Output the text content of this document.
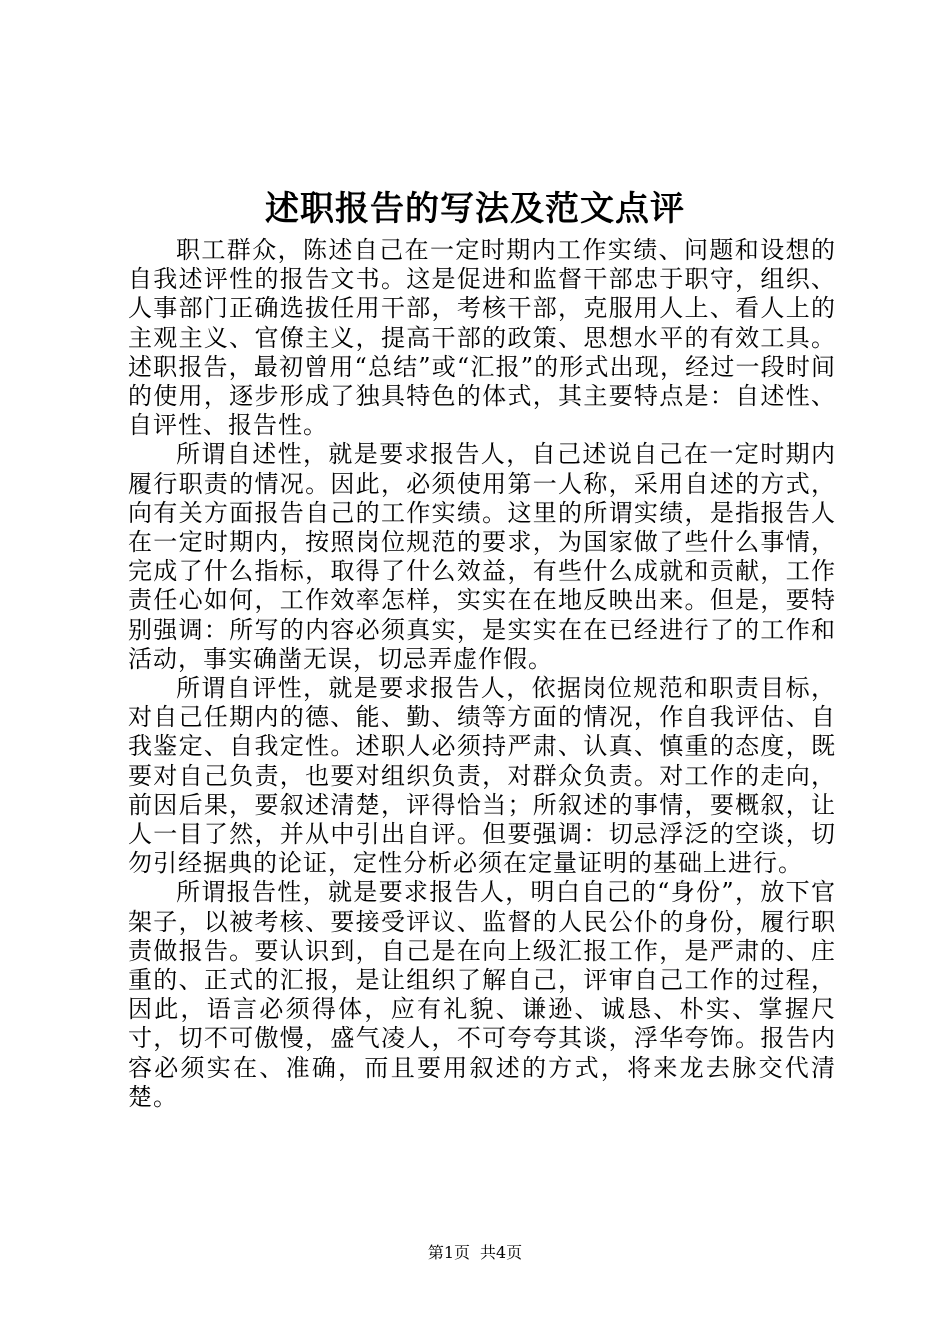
述职报告的写法及范文点评

职工群众，陈述自己在一定时期内工作实绩、问题和设想的自我述评性的报告文书。这是促进和监督干部忠于职守，组织、人事部门正确选拔任用干部，考核干部，克服用人上、看人上的主观主义、官僚主义，提高干部的政策、思想水平的有效工具。述职报告，最初曾用“总结”或“汇报”的形式出现，经过一段时间的使用，逐步形成了独具特色的体式，其主要特点是：自述性、自评性、报告性。

所谓自述性，就是要求报告人，自己述说自己在一定时期内履行职责的情况。因此，必须使用第一人称，采用自述的方式，向有关方面报告自己的工作实绩。这里的所谓实绩，是指报告人在一定时期内，按照岗位规范的要求，为国家做了些什么事情，完成了什么指标，取得了什么效益，有些什么成就和贡献，工作责任心如何，工作效率怎样，实实在在地反映出来。但是，要特别强调：所写的内容必须真实，是实实在在已经进行了的工作和活动，事实确凿无误，切忌弄虚作假。

所谓自评性，就是要求报告人，依据岗位规范和职责目标，对自己任期内的德、能、勤、绩等方面的情况，作自我评估、自我鉴定、自我定性。述职人必须持严肃、认真、慎重的态度，既要对自己负责，也要对组织负责，对群众负责。对工作的走向，前因后果，要叙述清楚，评得恰当；所叙述的事情，要概叙，让人一目了然，并从中引出自评。但要强调：切忌浮泛的空谈，切勿引经据典的论证，定性分析必须在定量证明的基础上进行。

所谓报告性，就是要求报告人，明白自己的“身份”，放下官架子，以被考核、要接受评议、监督的人民公仆的身份，履行职责做报告。要认识到，自己是在向上级汇报工作，是严肃的、庄重的、正式的汇报，是让组织了解自己，评审自己工作的过程，因此，语言必须得体，应有礼貌、谦逊、诚恳、朴实、掌握尺寸，切不可傲慢，盛气凌人，不可夸夸其谈，浮华夸饰。报告内容必须实在、准确，而且要用叙述的方式，将来龙去脉交代清楚。

第1页 共4页
